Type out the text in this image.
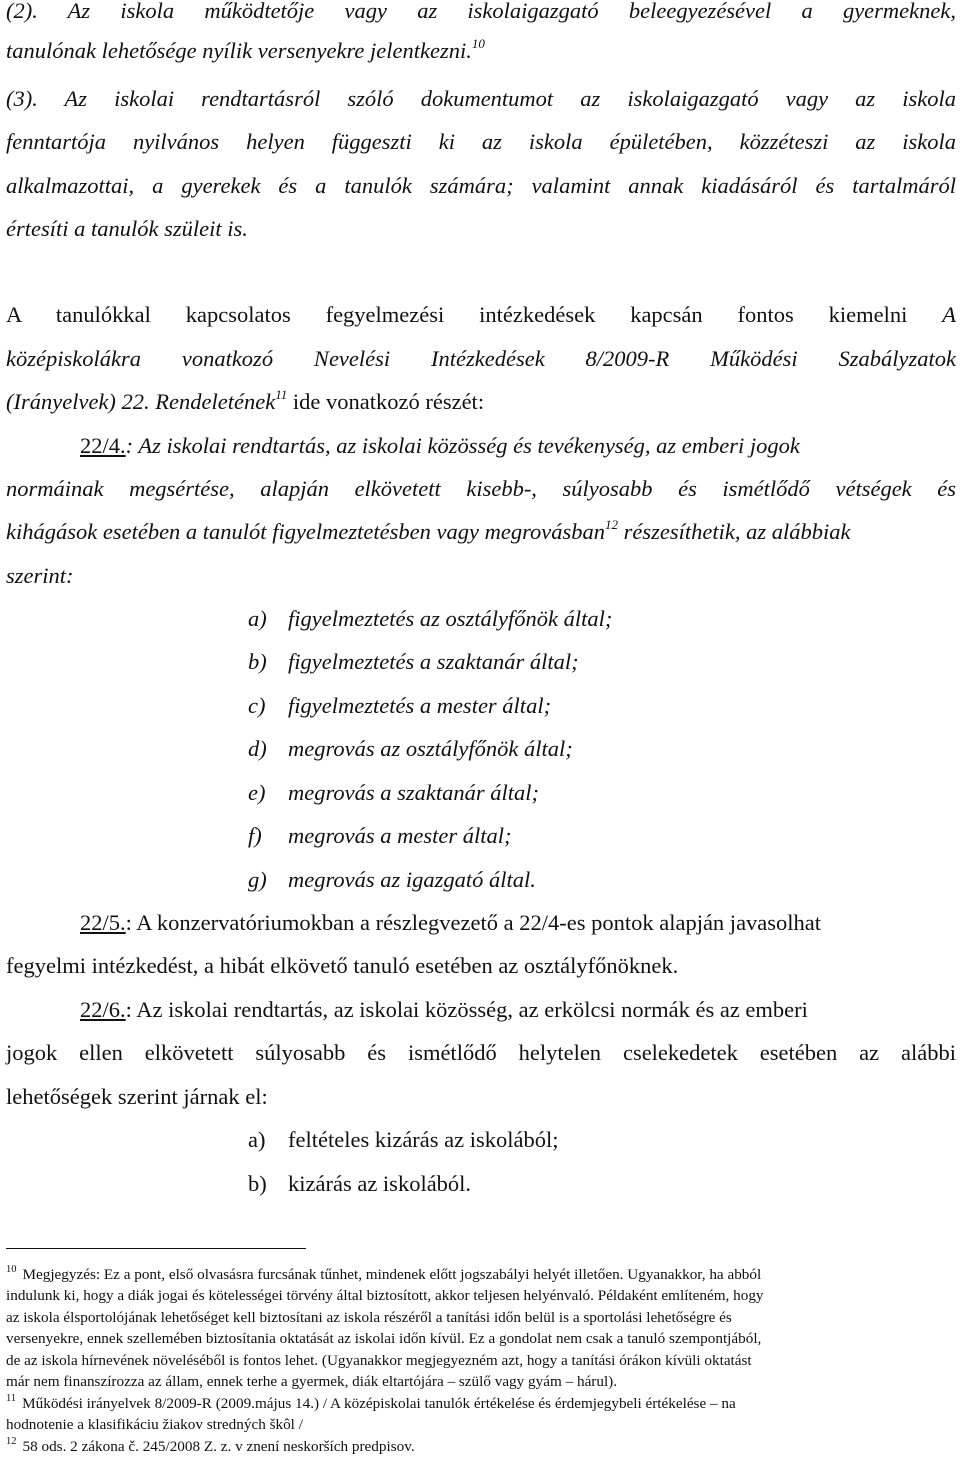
(2). Az iskola működtetője vagy az iskolaigazgató beleegyezésével a gyermeknek,
tanulónak lehetősége nyílik versenyekre jelentkezni.$^{10}$
(3). Az iskolai rendtartásról szóló dokumentumot az iskolaigazgató vagy az iskola
fenntartója nyilvános helyen függeszti ki az iskola épületében, közzéteszi az iskola
alkalmazottai, a gyerekek és a tanulók számára; valamint annak kiadásáról és tartalmáról
értesíti a tanulók szüleit is.
A tanulókkal kapcsolatos fegyelmezési intézkedések kapcsán fontos kiemelni A
középiskolákra vonatkozó Nevelési Intézkedések 8/2009-R Működési Szabályzatok
(Irányelvek) 22. Rendeletének$^{11}$ ide vonatkozó részét:
22/4.: Az iskolai rendtartás, az iskolai közösség és tevékenység, az emberi jogok
normáinak megsértése, alapján elkövetett kisebb-, súlyosabb és ismétlődő vétségek és
kihágások esetében a tanulót figyelmeztetésben vagy megrovásban$^{12}$ részesíthetik, az alábbiak
szerint:
a) figyelmeztetés az osztályfőnök által;
b) figyelmeztetés a szaktanár által;
c) figyelmeztetés a mester által;
d) megrovás az osztályfőnök által;
e) megrovás a szaktanár által;
f) megrovás a mester által;
g) megrovás az igazgató által.
22/5.: A konzervatóriumokban a részlegvezető a 22/4-es pontok alapján javasolhat
fegyelmi intézkedést, a hibát elkövető tanuló esetében az osztályfőnöknek.
22/6.: Az iskolai rendtartás, az iskolai közösség, az erkölcsi normák és az emberi
jogok ellen elkövetett súlyosabb és ismétlődő helytelen cselekedetek esetében az alábbi
lehetőségek szerint járnak el:
a) feltételes kizárás az iskolából;
b) kizárás az iskolából.
$^{10}$ Megjegyzés: Ez a pont, első olvasásra furcsának tűnhet, mindenek előtt jogszabályi helyét illetően. Ugyanakkor, ha abból
indulunk ki, hogy a diák jogai és kötelességei törvény által biztosított, akkor teljesen helyénvaló. Példaként említeném, hogy
az iskola élsportolójának lehetőséget kell biztosítani az iskola részéről a tanítási időn belül is a sportolási lehetőségre és
versenyekre, ennek szellemében biztosítania oktatását az iskolai időn kívül. Ez a gondolat nem csak a tanuló szempontjából,
de az iskola hírnevének növeléséből is fontos lehet. (Ugyanakkor megjegyezném azt, hogy a tanítási órákon kívüli oktatást
már nem finanszírozza az állam, ennek terhe a gyermek, diák eltartójára – szülő vagy gyám – hárul).
$^{11}$ Működési irányelvek 8/2009-R (2009.május 14.) / A középiskolai tanulók értékelése és érdemjegybeli értékelése – na
hodnotenie a klasifikáciu žiakov stredných škôl /
$^{12}$ 58 ods. 2 zákona č. 245/2008 Z. z. v znení neskorších predpisov.
